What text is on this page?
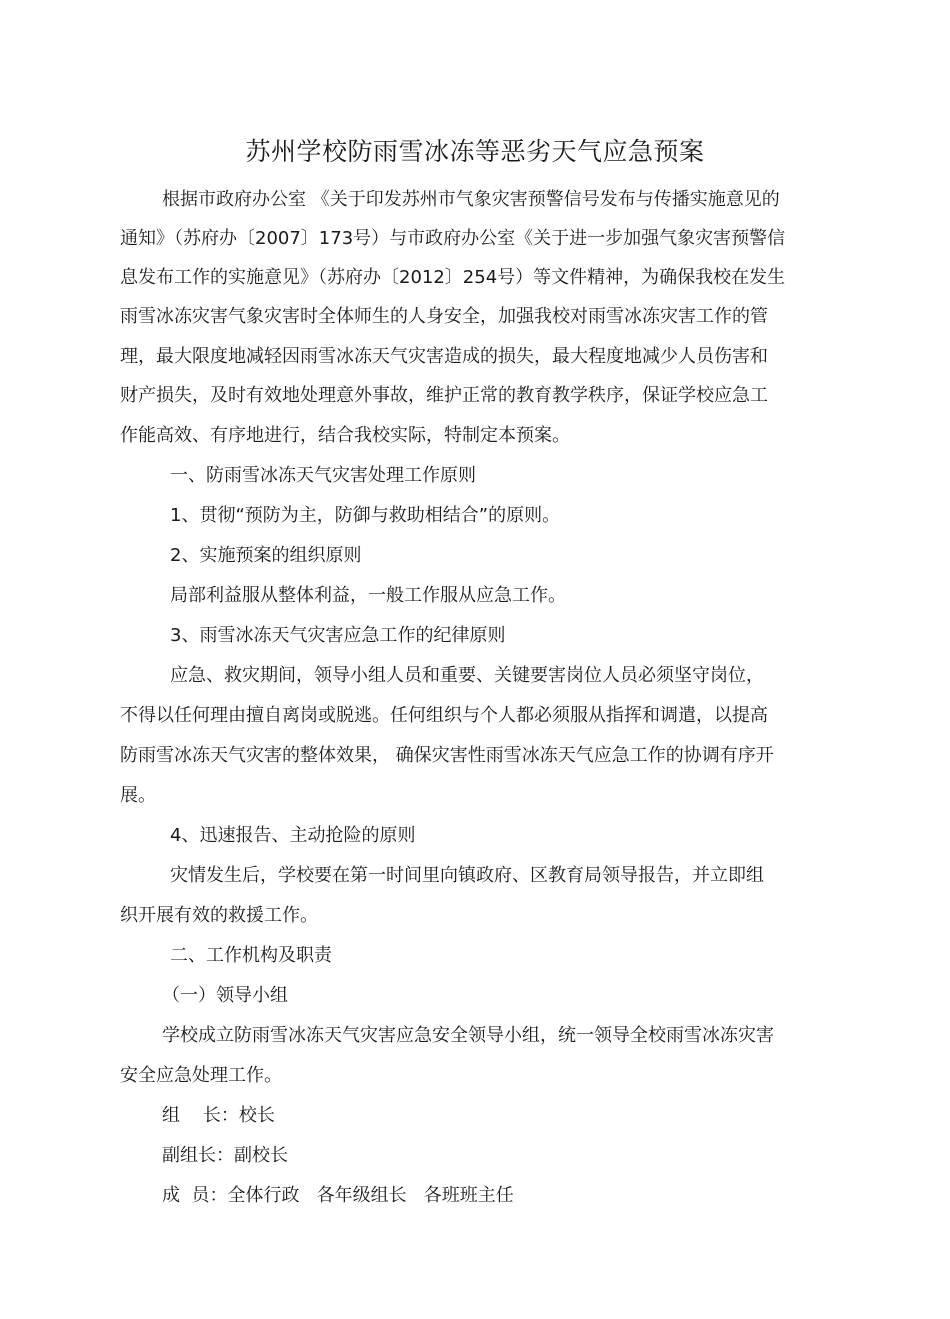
苏州学校防雨雪冰冻等恶劣天气应急预案
根据市政府办公室 《关于印发苏州市气象灾害预警信号发布与传播实施意见的
通知》（苏府办〔2007〕173号）与市政府办公室《关于进一步加强气象灾害预警信
息发布工作的实施意见》（苏府办〔2012〕254号）等文件精神，为确保我校在发生
雨雪冰冻灾害气象灾害时全体师生的人身安全，加强我校对雨雪冰冻灾害工作的管
理，最大限度地减轻因雨雪冰冻天气灾害造成的损失，最大程度地减少人员伤害和
财产损失，及时有效地处理意外事故，维护正常的教育教学秩序，保证学校应急工
作能高效、有序地进行，结合我校实际，特制定本预案。
一、防雨雪冰冻天气灾害处理工作原则
1、贯彻“预防为主，防御与救助相结合”的原则。
2、实施预案的组织原则
局部利益服从整体利益，一般工作服从应急工作。
3、雨雪冰冻天气灾害应急工作的纪律原则
应急、救灾期间，领导小组人员和重要、关键要害岗位人员必须坚守岗位，
不得以任何理由擅自离岗或脱逃。任何组织与个人都必须服从指挥和调遣，以提高
防雨雪冰冻天气灾害的整体效果， 确保灾害性雨雪冰冻天气应急工作的协调有序开
展。
4、迅速报告、主动抢险的原则
灾情发生后，学校要在第一时间里向镇政府、区教育局领导报告，并立即组
织开展有效的救援工作。
二、工作机构及职责
（一）领导小组
学校成立防雨雪冰冻天气灾害应急安全领导小组，统一领导全校雨雪冰冻灾害
安全应急处理工作。
组    长：校长
副组长：副校长
成  员：全体行政   各年级组长   各班班主任
